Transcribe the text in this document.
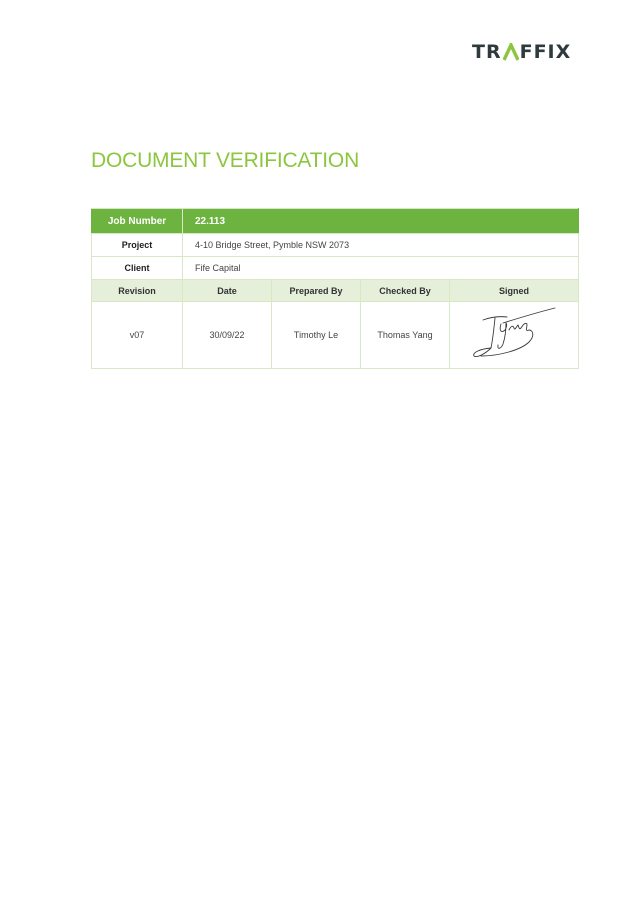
TR FFIX
DOCUMENT VERIFICATION
Job Number	22.113			
Project	4-10 Bridge Street, Pymble NSW 2073			
Client	Fife Capital			
Revision	Date	Prepared By	Checked By	Signed
v07	30/09/22	Timothy Le	Thomas Yang	
